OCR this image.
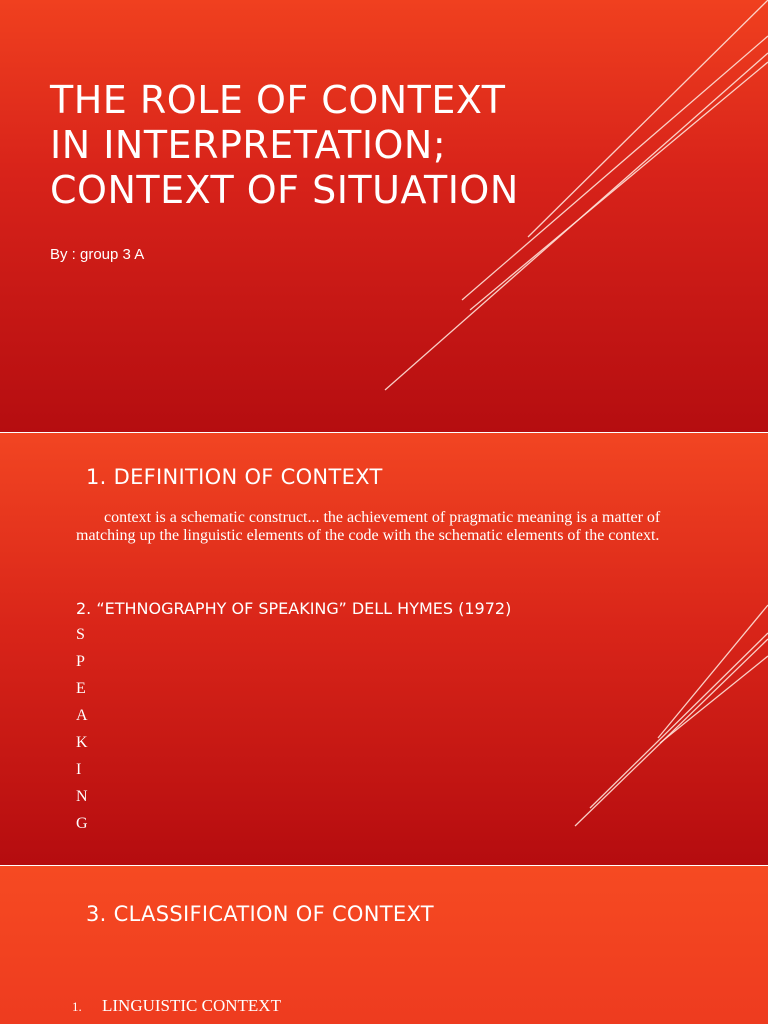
THE ROLE OF CONTEXT
IN INTERPRETATION;
CONTEXT OF SITUATION
By : group 3 A
1. DEFINITION OF CONTEXT

context is a schematic construct... the achievement of pragmatic meaning is a matter of matching up the linguistic elements of the code with the schematic elements of the context.

2. “ETHNOGRAPHY OF SPEAKING” DELL HYMES (1972)
S
P
E
A
K
I
N
G
3. CLASSIFICATION OF CONTEXT
1. LINGUISTIC CONTEXT
